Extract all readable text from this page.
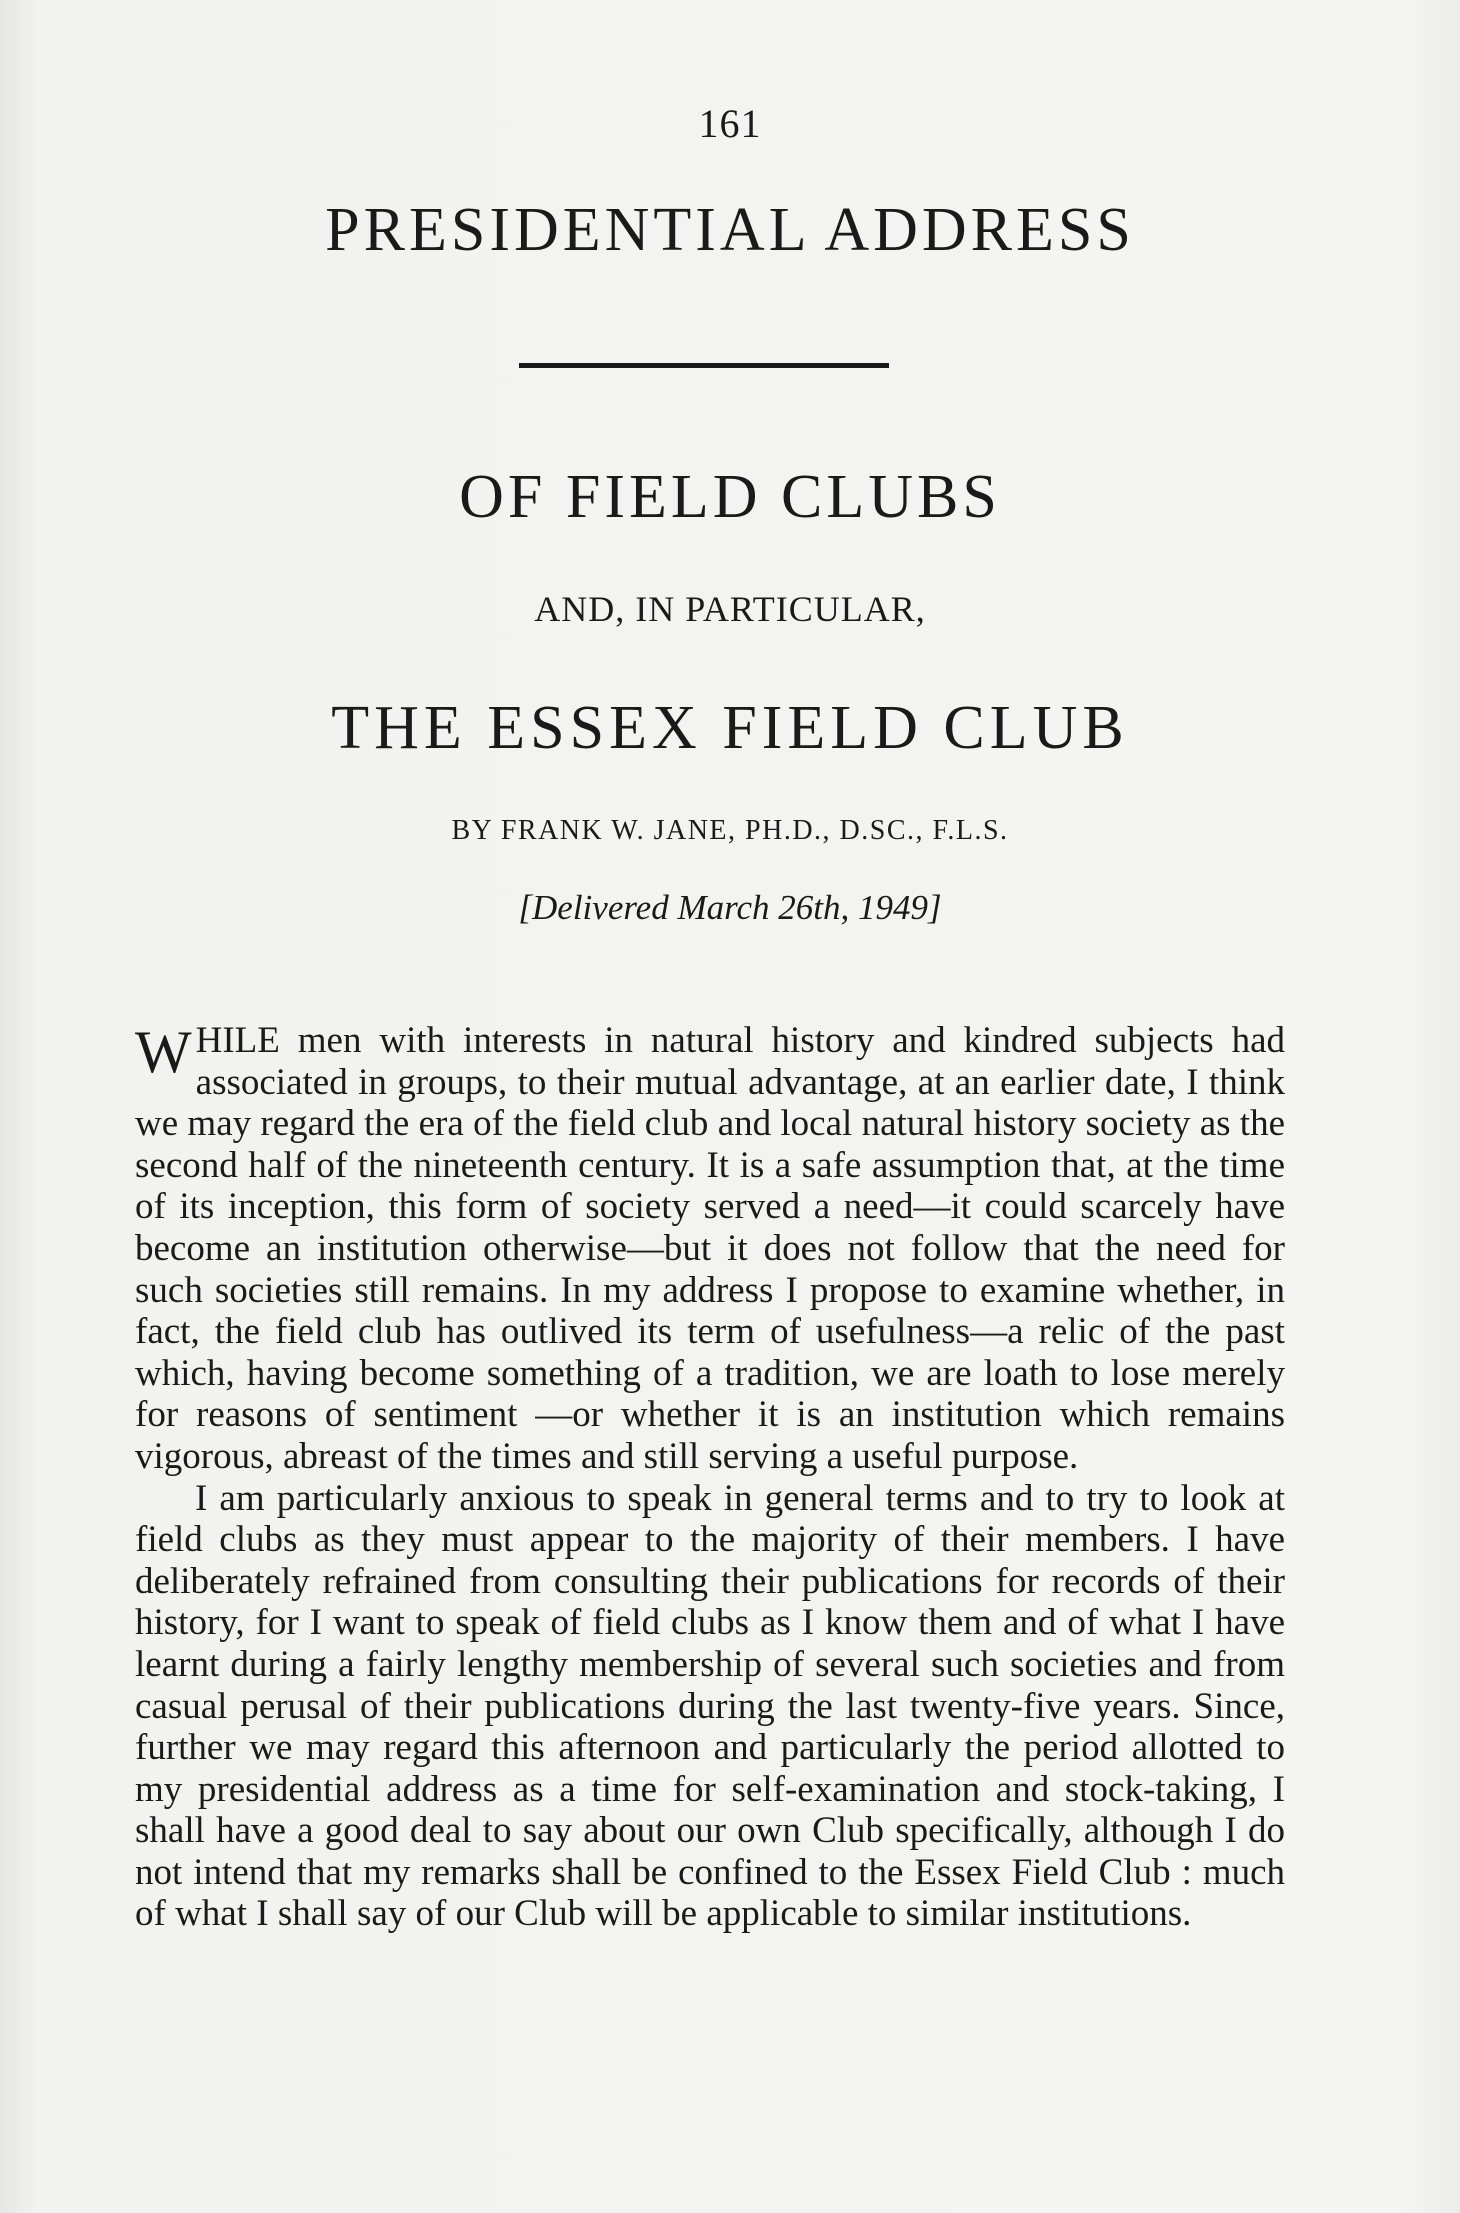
161
PRESIDENTIAL ADDRESS
OF FIELD CLUBS
AND, IN PARTICULAR,
THE ESSEX FIELD CLUB
BY FRANK W. JANE, PH.D., D.SC., F.L.S.
[Delivered March 26th, 1949]

WHILE men with interests in natural history and kindred subjects had associated in groups, to their mutual advantage, at an earlier date, I think we may regard the era of the field club and local natural history society as the second half of the nineteenth century. It is a safe assumption that, at the time of its inception, this form of society served a need—it could scarcely have become an institution otherwise—but it does not follow that the need for such societies still remains. In my address I propose to examine whether, in fact, the field club has outlived its term of usefulness—a relic of the past which, having become something of a tradition, we are loath to lose merely for reasons of sentiment —or whether it is an institution which remains vigorous, abreast of the times and still serving a useful purpose.

I am particularly anxious to speak in general terms and to try to look at field clubs as they must appear to the majority of their members. I have deliberately refrained from consulting their publications for records of their history, for I want to speak of field clubs as I know them and of what I have learnt during a fairly lengthy membership of several such societies and from casual perusal of their publications during the last twenty-five years. Since, further we may regard this afternoon and particularly the period allotted to my presidential address as a time for self-examination and stock-taking, I shall have a good deal to say about our own Club specifically, although I do not intend that my remarks shall be confined to the Essex Field Club : much of what I shall say of our Club will be applicable to similar institutions.
